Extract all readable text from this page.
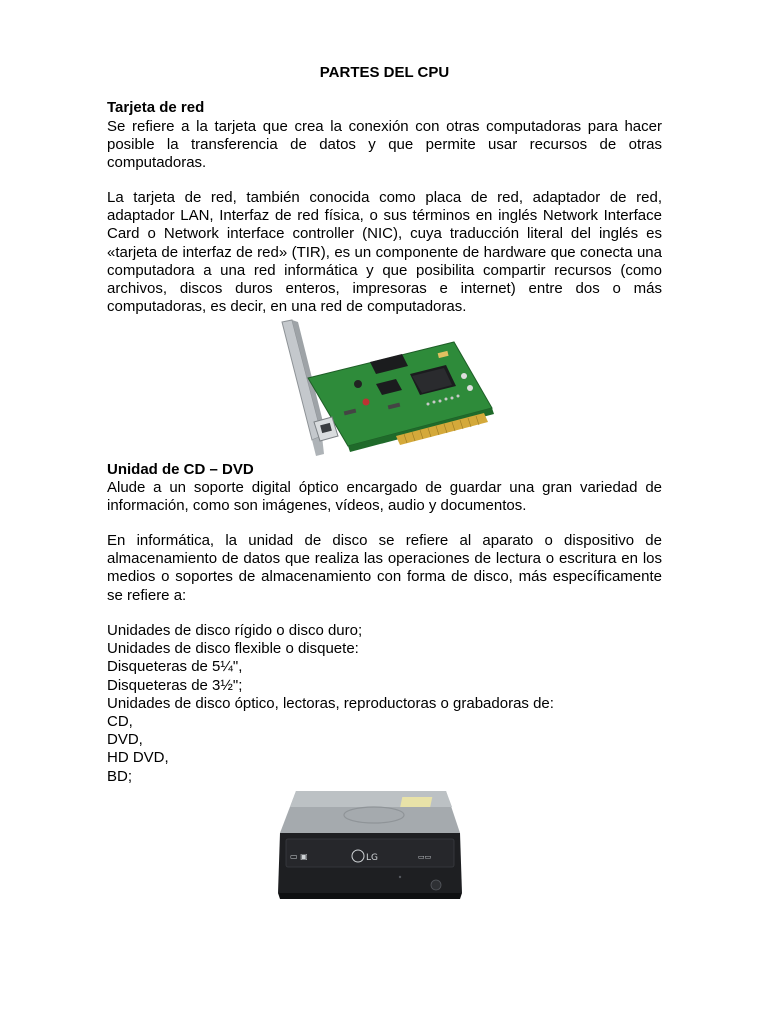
PARTES DEL CPU
Tarjeta de red

Se refiere a la tarjeta que crea la conexión con otras computadoras para hacer posible la transferencia de datos y que permite usar recursos de otras computadoras.

La tarjeta de red, también conocida como placa de red, adaptador de red, adaptador LAN, Interfaz de red física, o sus términos en inglés Network Interface Card o Network interface controller (NIC), cuya traducción literal del inglés es «tarjeta de interfaz de red» (TIR), es un componente de hardware que conecta una computadora a una red informática y que posibilita compartir recursos (como archivos, discos duros enteros, impresoras e internet) entre dos o más computadoras, es decir, en una red de computadoras.

Unidad de CD – DVD

Alude a un soporte digital óptico encargado de guardar una gran variedad de información, como son imágenes, vídeos, audio y documentos.

En informática, la unidad de disco se refiere al aparato o dispositivo de almacenamiento de datos que realiza las operaciones de lectura o escritura en los medios o soportes de almacenamiento con forma de disco, más específicamente se refiere a:

Unidades de disco rígido o disco duro;
Unidades de disco flexible o disquete:
Disqueteras de 5¼",
Disqueteras de 3½";
Unidades de disco óptico, lectoras, reproductoras o grabadoras de:
CD,
DVD,
HD DVD,
BD;
▭ ▣	LG	▭▭
